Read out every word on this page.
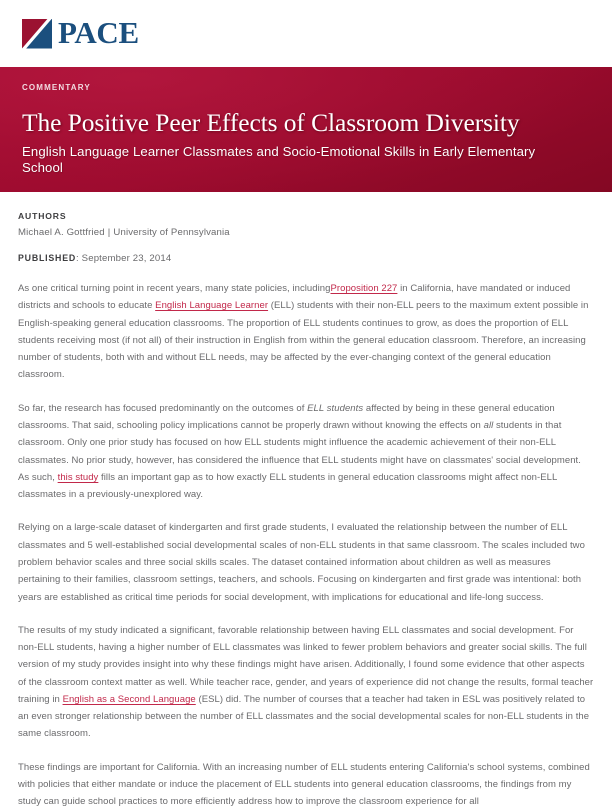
PACE
COMMENTARY
The Positive Peer Effects of Classroom Diversity
English Language Learner Classmates and Socio-Emotional Skills in Early Elementary School
AUTHORS
Michael A. Gottfried | University of Pennsylvania
PUBLISHED: September 23, 2014

As one critical turning point in recent years, many state policies, includingProposition 227 in California, have mandated or induced districts and schools to educate English Language Learner (ELL) students with their non-ELL peers to the maximum extent possible in English-speaking general education classrooms. The proportion of ELL students continues to grow, as does the proportion of ELL students receiving most (if not all) of their instruction in English from within the general education classroom. Therefore, an increasing number of students, both with and without ELL needs, may be affected by the ever-changing context of the general education classroom.

So far, the research has focused predominantly on the outcomes of ELL students affected by being in these general education classrooms. That said, schooling policy implications cannot be properly drawn without knowing the effects on all students in that classroom. Only one prior study has focused on how ELL students might influence the academic achievement of their non-ELL classmates. No prior study, however, has considered the influence that ELL students might have on classmates' social development. As such, this study fills an important gap as to how exactly ELL students in general education classrooms might affect non-ELL classmates in a previously-unexplored way.

Relying on a large-scale dataset of kindergarten and first grade students, I evaluated the relationship between the number of ELL classmates and 5 well-established social developmental scales of non-ELL students in that same classroom. The scales included two problem behavior scales and three social skills scales. The dataset contained information about children as well as measures pertaining to their families, classroom settings, teachers, and schools. Focusing on kindergarten and first grade was intentional: both years are established as critical time periods for social development, with implications for educational and life-long success.

The results of my study indicated a significant, favorable relationship between having ELL classmates and social development. For non-ELL students, having a higher number of ELL classmates was linked to fewer problem behaviors and greater social skills. The full version of my study provides insight into why these findings might have arisen. Additionally, I found some evidence that other aspects of the classroom context matter as well. While teacher race, gender, and years of experience did not change the results, formal teacher training in English as a Second Language (ESL) did. The number of courses that a teacher had taken in ESL was positively related to an even stronger relationship between the number of ELL classmates and the social developmental scales for non-ELL students in the same classroom.

These findings are important for California. With an increasing number of ELL students entering California's school systems, combined with policies that either mandate or induce the placement of ELL students into general education classrooms, the findings from my study can guide school practices to more efficiently address how to improve the classroom experience for all
